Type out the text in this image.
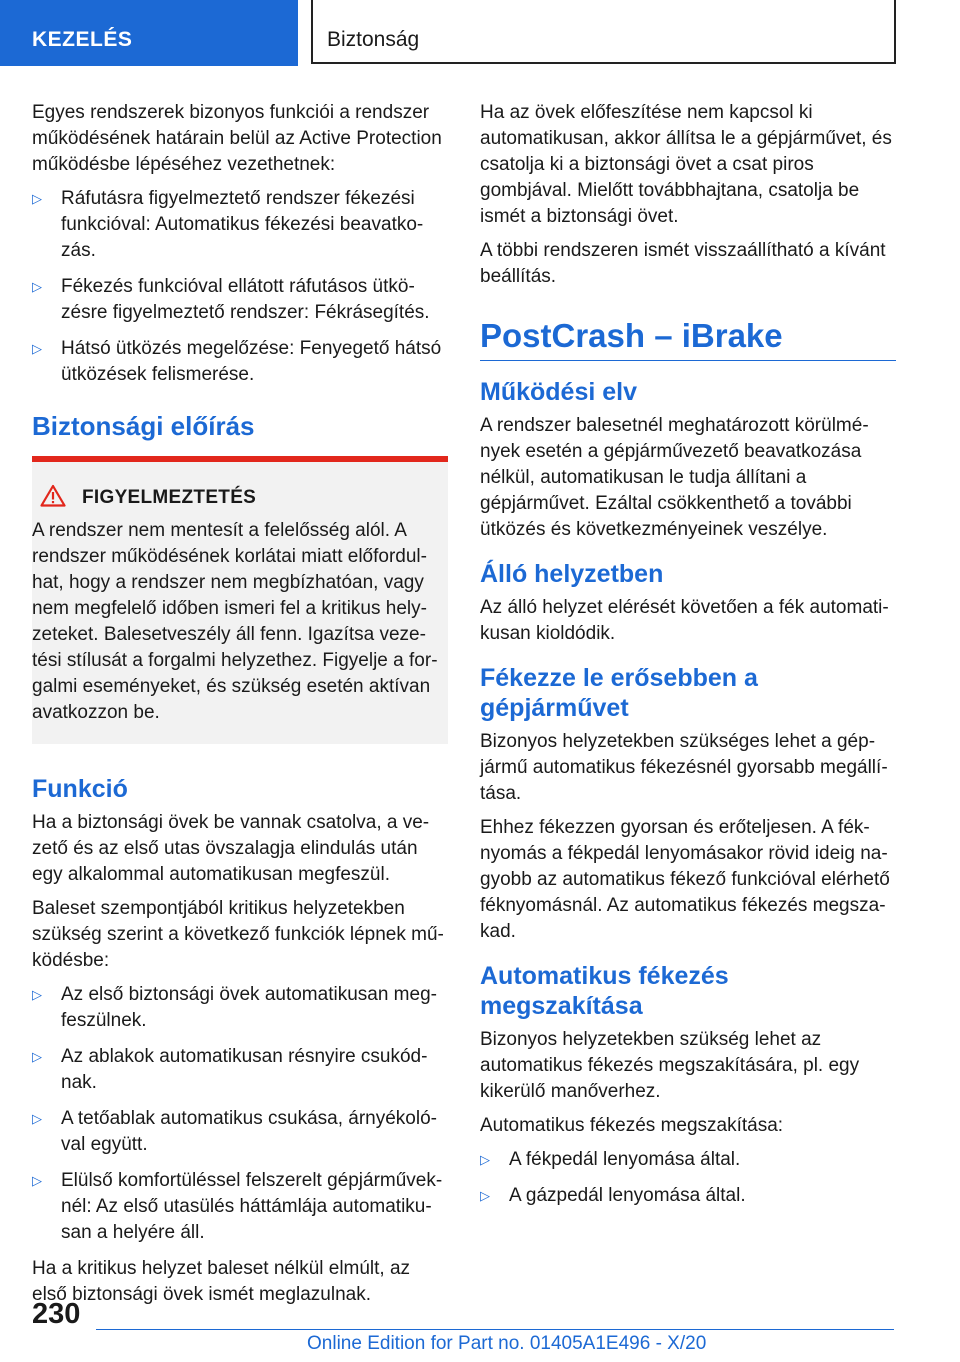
KEZELÉS	Biztonság

Egyes rendszerek bizonyos funkciói a rendszer működésének határain belül az Active Protection működésbe lépéséhez vezethetnek:

▷ Ráfutásra figyelmeztető rendszer fékezési funkcióval: Automatikus fékezési beavatkozás.
▷ Fékezés funkcióval ellátott ráfutásos ütközésre figyelmeztető rendszer: Fékrásegítés.
▷ Hátsó ütközés megelőzése: Fenyegető hátsó ütközések felismerése.
Biztonsági előírás
FIGYELMEZTETÉS

A rendszer nem mentesít a felelősség alól. A rendszer működésének korlátai miatt előfordulhat, hogy a rendszer nem megbízhatóan, vagy nem megfelelő időben ismeri fel a kritikus helyzeteket. Balesetveszély áll fenn. Igazítsa vezetési stílusát a forgalmi helyzethez. Figyelje a forgalmi eseményeket, és szükség esetén aktívan avatkozzon be.

Funkció

Ha a biztonsági övek be vannak csatolva, a vezető és az első utas övszalagja elindulás után egy alkalommal automatikusan megfeszül.

Baleset szempontjából kritikus helyzetekben szükség szerint a következő funkciók lépnek működésbe:

▷ Az első biztonsági övek automatikusan megfeszülnek.
▷ Az ablakok automatikusan résnyire csukódnak.
▷ A tetőablak automatikus csukása, árnyékolóval együtt.
▷ Elülső komfortüléssel felszerelt gépjárműveknél: Az első utasülés háttámlája automatikusan a helyére áll.

Ha a kritikus helyzet baleset nélkül elmúlt, az első biztonsági övek ismét meglazulnak.

Ha az övek előfeszítése nem kapcsol ki automatikusan, akkor állítsa le a gépjárművet, és csatolja ki a biztonsági övet a csat piros gombjával. Mielőtt továbbhajtana, csatolja be ismét a biztonsági övet.

A többi rendszeren ismét visszaállítható a kívánt beállítás.

PostCrash – iBrake
Működési elv

A rendszer balesetnél meghatározott körülmények esetén a gépjárművezető beavatkozása nélkül, automatikusan le tudja állítani a gépjárművet. Ezáltal csökkenthető a további ütközés és következményeinek veszélye.

Álló helyzetben

Az álló helyzet elérését követően a fék automatikusan kioldódik.

Fékezze le erősebben a gépjárművet

Bizonyos helyzetekben szükséges lehet a gépjármű automatikus fékezésnél gyorsabb megállítása.

Ehhez fékezzen gyorsan és erőteljesen. A féknyomás a fékpedál lenyomásakor rövid ideig nagyobb az automatikus fékező funkcióval elérhető féknyomásnál. Az automatikus fékezés megszakad.

Automatikus fékezés megszakítása

Bizonyos helyzetekben szükség lehet az automatikus fékezés megszakítására, pl. egy kikerülő manőverhez.

Automatikus fékezés megszakítása:

▷ A fékpedál lenyomása által.
▷ A gázpedál lenyomása által.
230
Online Edition for Part no. 01405A1E496 - X/20
